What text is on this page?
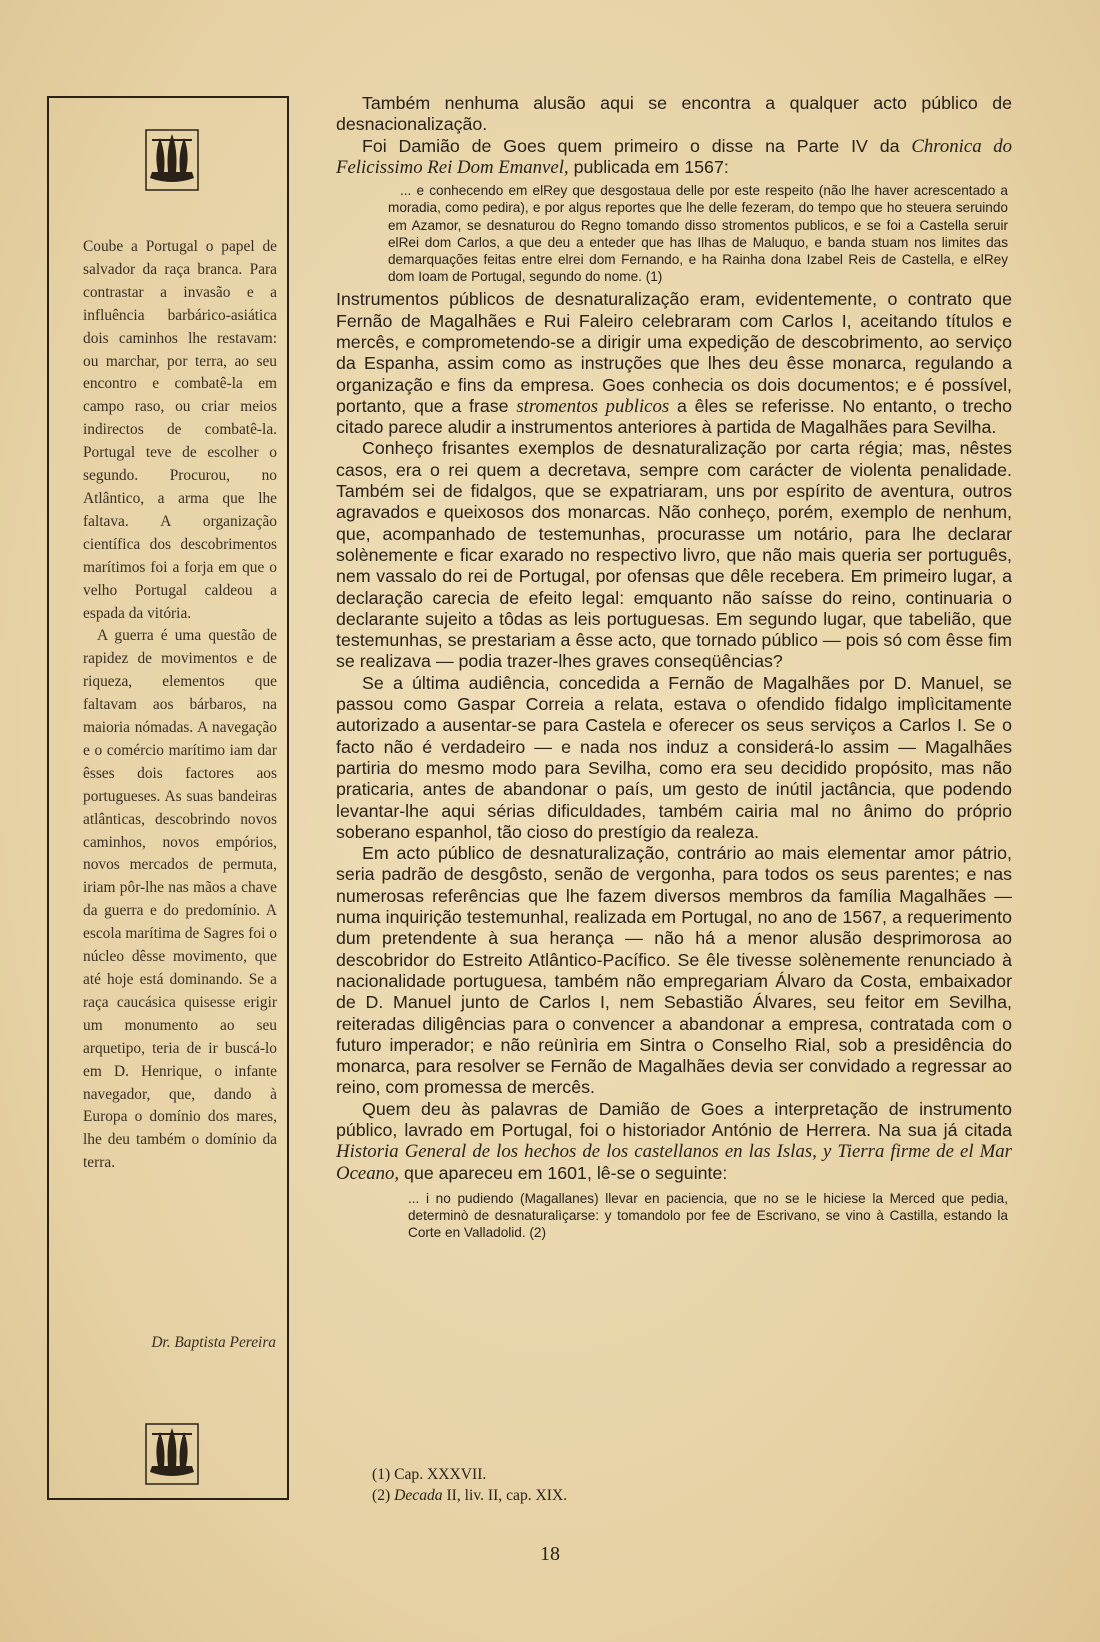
Coube a Portugal o papel de salvador da raça branca. Para contrastar a invasão e a influência barbárico-asiática dois caminhos lhe restavam: ou marchar, por terra, ao seu encontro e combatê-la em campo raso, ou criar meios indirectos de combatê-la. Portugal teve de escolher o segundo. Procurou, no Atlântico, a arma que lhe faltava. A organização científica dos descobrimentos marítimos foi a forja em que o velho Portugal caldeou a espada da vitória.

A guerra é uma questão de rapidez de movimentos e de riqueza, elementos que faltavam aos bárbaros, na maioria nómadas. A navegação e o comércio marítimo iam dar êsses dois factores aos portugueses. As suas bandeiras atlânticas, descobrindo novos caminhos, novos empórios, novos mercados de permuta, iriam pôr-lhe nas mãos a chave da guerra e do predomínio. A escola marítima de Sagres foi o núcleo dêsse movimento, que até hoje está dominando. Se a raça caucásica quisesse erigir um monumento ao seu arquetipo, teria de ir buscá-lo em D. Henrique, o infante navegador, que, dando à Europa o domínio dos mares, lhe deu também o domínio da terra.

Dr. Baptista Pereira

Também nenhuma alusão aqui se encontra a qualquer acto público de desnacionalização.

Foi Damião de Goes quem primeiro o disse na Parte IV da Chronica do Felicissimo Rei Dom Emanvel, publicada em 1567:

... e conhecendo em elRey que desgostaua delle por este respeito (não lhe haver acrescentado a moradia, como pedira), e por algus reportes que lhe delle fezeram, do tempo que ho steuera seruindo em Azamor, se desnaturou do Regno tomando disso stromentos publicos, e se foi a Castella seruir elRei dom Carlos, a que deu a enteder que has Ilhas de Maluquo, e banda stuam nos limites das demarquações feitas entre elrei dom Fernando, e ha Rainha dona Izabel Reis de Castella, e elRey dom Ioam de Portugal, segundo do nome. (1)

Instrumentos públicos de desnaturalização eram, evidentemente, o contrato que Fernão de Magalhães e Rui Faleiro celebraram com Carlos I, aceitando títulos e mercês, e comprometendo-se a dirigir uma expedição de descobrimento, ao serviço da Espanha, assim como as instruções que lhes deu êsse monarca, regulando a organização e fins da empresa. Goes conhecia os dois documentos; e é possível, portanto, que a frase stromentos publicos a êles se referisse. No entanto, o trecho citado parece aludir a instrumentos anteriores à partida de Magalhães para Sevilha.

Conheço frisantes exemplos de desnaturalização por carta régia; mas, nêstes casos, era o rei quem a decretava, sempre com carácter de violenta penalidade. Também sei de fidalgos, que se expatriaram, uns por espírito de aventura, outros agravados e queixosos dos monarcas. Não conheço, porém, exemplo de nenhum, que, acompanhado de testemunhas, procurasse um notário, para lhe declarar solènemente e ficar exarado no respectivo livro, que não mais queria ser português, nem vassalo do rei de Portugal, por ofensas que dêle recebera. Em primeiro lugar, a declaração carecia de efeito legal: emquanto não saísse do reino, continuaria o declarante sujeito a tôdas as leis portuguesas. Em segundo lugar, que tabelião, que testemunhas, se prestariam a êsse acto, que tornado público — pois só com êsse fim se realizava — podia trazer-lhes graves conseqüências?

Se a última audiência, concedida a Fernão de Magalhães por D. Manuel, se passou como Gaspar Correia a relata, estava o ofendido fidalgo implìcitamente autorizado a ausentar-se para Castela e oferecer os seus serviços a Carlos I. Se o facto não é verdadeiro — e nada nos induz a considerá-lo assim — Magalhães partiria do mesmo modo para Sevilha, como era seu decidido propósito, mas não praticaria, antes de abandonar o país, um gesto de inútil jactância, que podendo levantar-lhe aqui sérias dificuldades, também cairia mal no ânimo do próprio soberano espanhol, tão cioso do prestígio da realeza.

Em acto público de desnaturalização, contrário ao mais elementar amor pátrio, seria padrão de desgôsto, senão de vergonha, para todos os seus parentes; e nas numerosas referências que lhe fazem diversos membros da família Magalhães — numa inquirição testemunhal, realizada em Portugal, no ano de 1567, a requerimento dum pretendente à sua herança — não há a menor alusão desprimorosa ao descobridor do Estreito Atlântico-Pacífico. Se êle tivesse solènemente renunciado à nacionalidade portuguesa, também não empregariam Álvaro da Costa, embaixador de D. Manuel junto de Carlos I, nem Sebastião Álvares, seu feitor em Sevilha, reiteradas diligências para o convencer a abandonar a empresa, contratada com o futuro imperador; e não reünìria em Sintra o Conselho Rial, sob a presidência do monarca, para resolver se Fernão de Magalhães devia ser convidado a regressar ao reino, com promessa de mercês.

Quem deu às palavras de Damião de Goes a interpretação de instrumento público, lavrado em Portugal, foi o historiador António de Herrera. Na sua já citada Historia General de los hechos de los castellanos en las Islas, y Tierra firme de el Mar Oceano, que apareceu em 1601, lê-se o seguinte:

... i no pudiendo (Magallanes) llevar en paciencia, que no se le hiciese la Merced que pedia, determinò de desnaturalìçarse: y tomandolo por fee de Escrivano, se vino à Castilla, estando la Corte en Valladolid. (2)
(1) Cap. XXXVII.
(2) Decada II, liv. II, cap. XIX.
18
